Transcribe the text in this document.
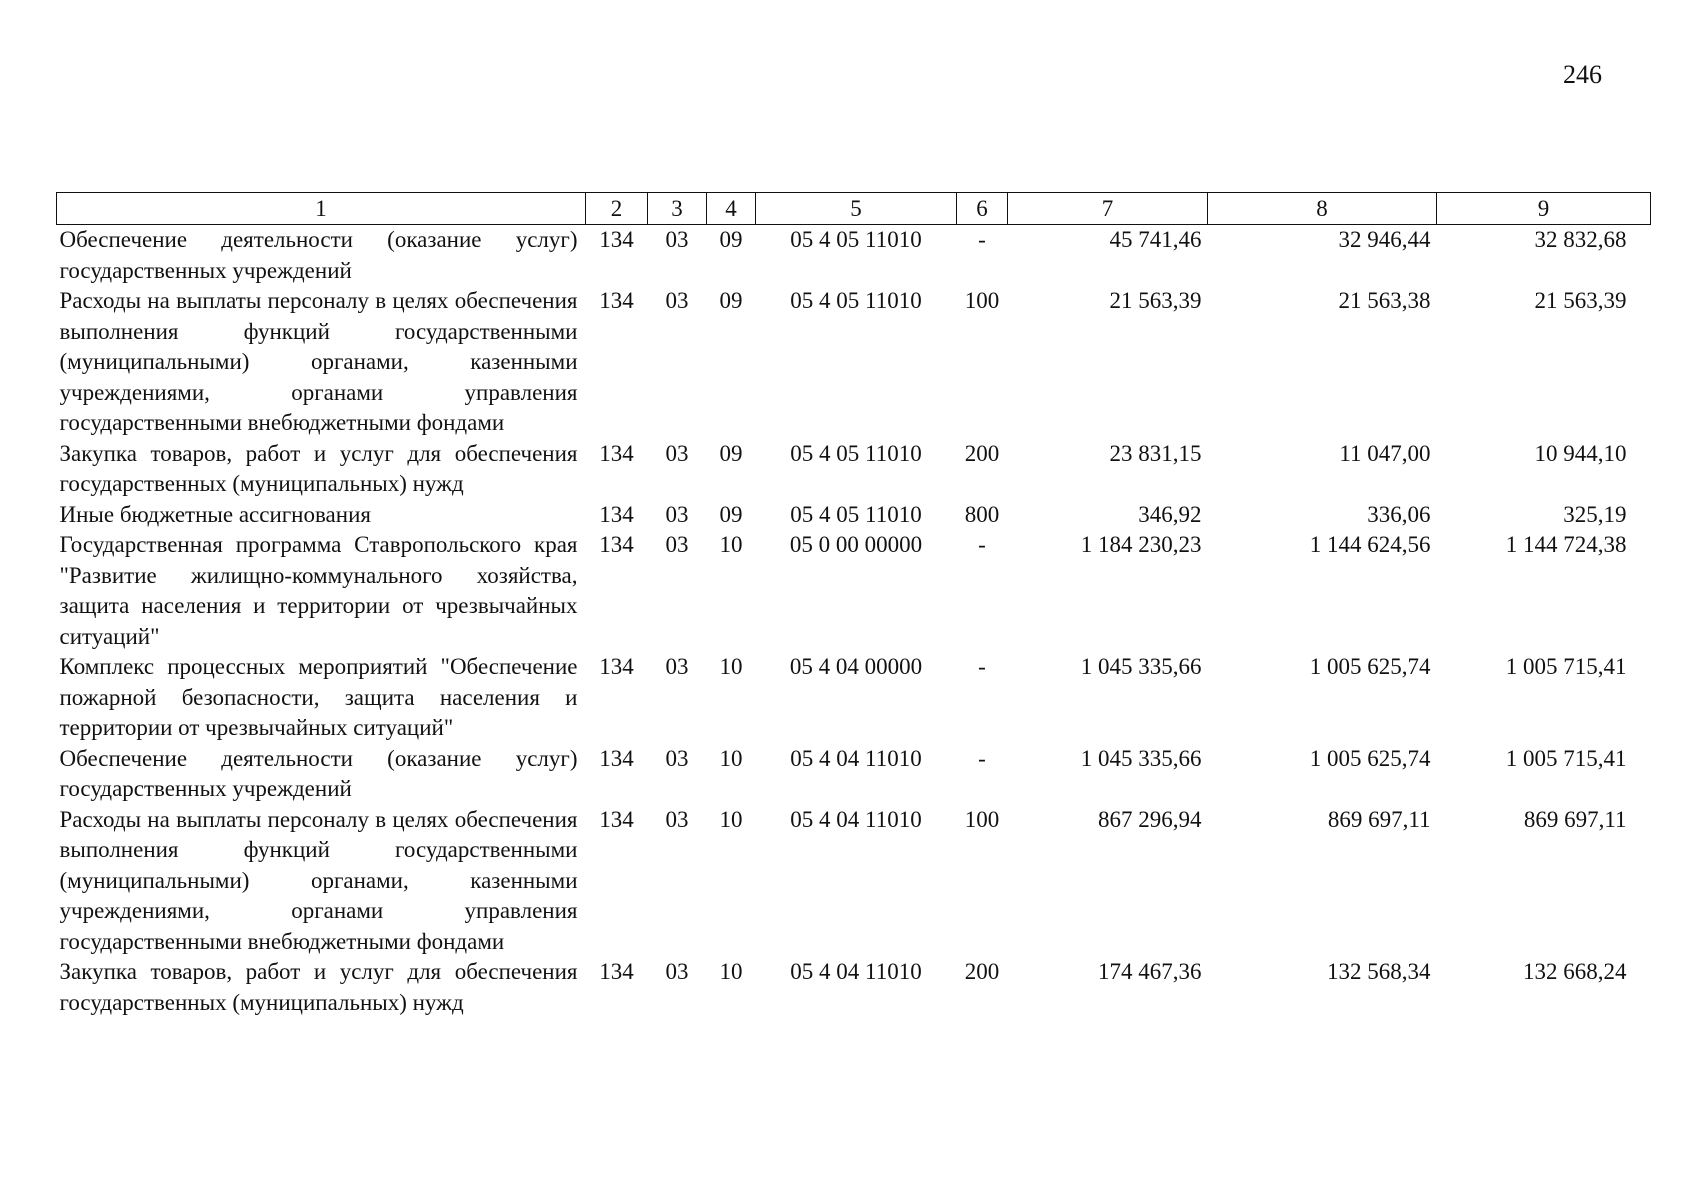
246
1	2	3	4	5	6	7	8	9
Обеспечение деятельности (оказание услуг) государственных учреждений	134	03	09	05 4 05 11010	-	45 741,46	32 946,44	32 832,68
Расходы на выплаты персоналу в целях обеспечения выполнения функций государственными (муниципальными) органами, казенными учреждениями, органами управления государственными внебюджетными фондами	134	03	09	05 4 05 11010	100	21 563,39	21 563,38	21 563,39
Закупка товаров, работ и услуг для обеспечения государственных (муниципальных) нужд	134	03	09	05 4 05 11010	200	23 831,15	11 047,00	10 944,10
Иные бюджетные ассигнования	134	03	09	05 4 05 11010	800	346,92	336,06	325,19
Государственная программа Ставропольского края "Развитие жилищно-коммунального хозяйства, защита населения и территории от чрезвычайных ситуаций"	134	03	10	05 0 00 00000	-	1 184 230,23	1 144 624,56	1 144 724,38
Комплекс процессных мероприятий "Обеспечение пожарной безопасности, защита населения и территории от чрезвычайных ситуаций"	134	03	10	05 4 04 00000	-	1 045 335,66	1 005 625,74	1 005 715,41
Обеспечение деятельности (оказание услуг) государственных учреждений	134	03	10	05 4 04 11010	-	1 045 335,66	1 005 625,74	1 005 715,41
Расходы на выплаты персоналу в целях обеспечения выполнения функций государственными (муниципальными) органами, казенными учреждениями, органами управления государственными внебюджетными фондами	134	03	10	05 4 04 11010	100	867 296,94	869 697,11	869 697,11
Закупка товаров, работ и услуг для обеспечения государственных (муниципальных) нужд	134	03	10	05 4 04 11010	200	174 467,36	132 568,34	132 668,24
